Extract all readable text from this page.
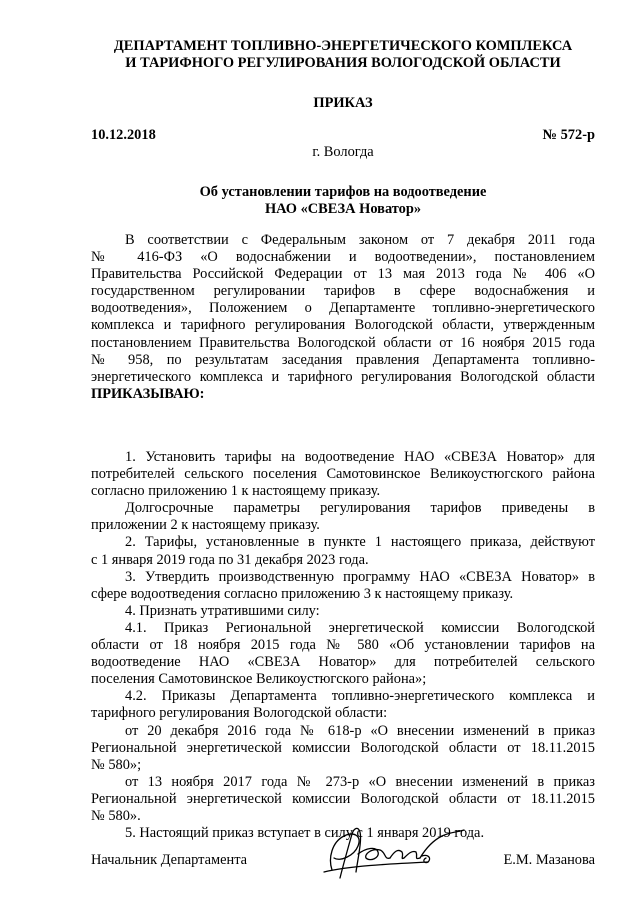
ДЕПАРТАМЕНТ ТОПЛИВНО-ЭНЕРГЕТИЧЕСКОГО КОМПЛЕКСА
И ТАРИФНОГО РЕГУЛИРОВАНИЯ ВОЛОГОДСКОЙ ОБЛАСТИ
ПРИКАЗ
10.12.2018	№ 572-р
г. Вологда
Об установлении тарифов на водоотведение
НАО «СВЕЗА Новатор»
В соответствии с Федеральным законом от 7 декабря 2011 года
№ 416-ФЗ «О водоснабжении и водоотведении», постановлением
Правительства Российской Федерации от 13 мая 2013 года № 406 «О
государственном регулировании тарифов в сфере водоснабжения и
водоотведения», Положением о Департаменте топливно-энергетического
комплекса и тарифного регулирования Вологодской области, утвержденным
постановлением Правительства Вологодской области от 16 ноября 2015 года
№ 958, по результатам заседания правления Департамента топливно-
энергетического комплекса и тарифного регулирования Вологодской области
ПРИКАЗЫВАЮ:
1. Установить тарифы на водоотведение НАО «СВЕЗА Новатор» для
потребителей сельского поселения Самотовинское Великоустюгского района
согласно приложению 1 к настоящему приказу.
Долгосрочные параметры регулирования тарифов приведены в
приложении 2 к настоящему приказу.
2. Тарифы, установленные в пункте 1 настоящего приказа, действуют
с 1 января 2019 года по 31 декабря 2023 года.
3. Утвердить производственную программу НАО «СВЕЗА Новатор» в
сфере водоотведения согласно приложению 3 к настоящему приказу.
4. Признать утратившими силу:
4.1. Приказ Региональной энергетической комиссии Вологодской
области от 18 ноября 2015 года № 580 «Об установлении тарифов на
водоотведение НАО «СВЕЗА Новатор» для потребителей сельского
поселения Самотовинское Великоустюгского района»;
4.2. Приказы Департамента топливно-энергетического комплекса и
тарифного регулирования Вологодской области:
от 20 декабря 2016 года № 618-р «О внесении изменений в приказ
Региональной энергетической комиссии Вологодской области от 18.11.2015
№ 580»;
от 13 ноября 2017 года № 273-р «О внесении изменений в приказ
Региональной энергетической комиссии Вологодской области от 18.11.2015
№ 580».
5. Настоящий приказ вступает в силу с 1 января 2019 года.
Начальник Департамента	Е.М. Мазанова
